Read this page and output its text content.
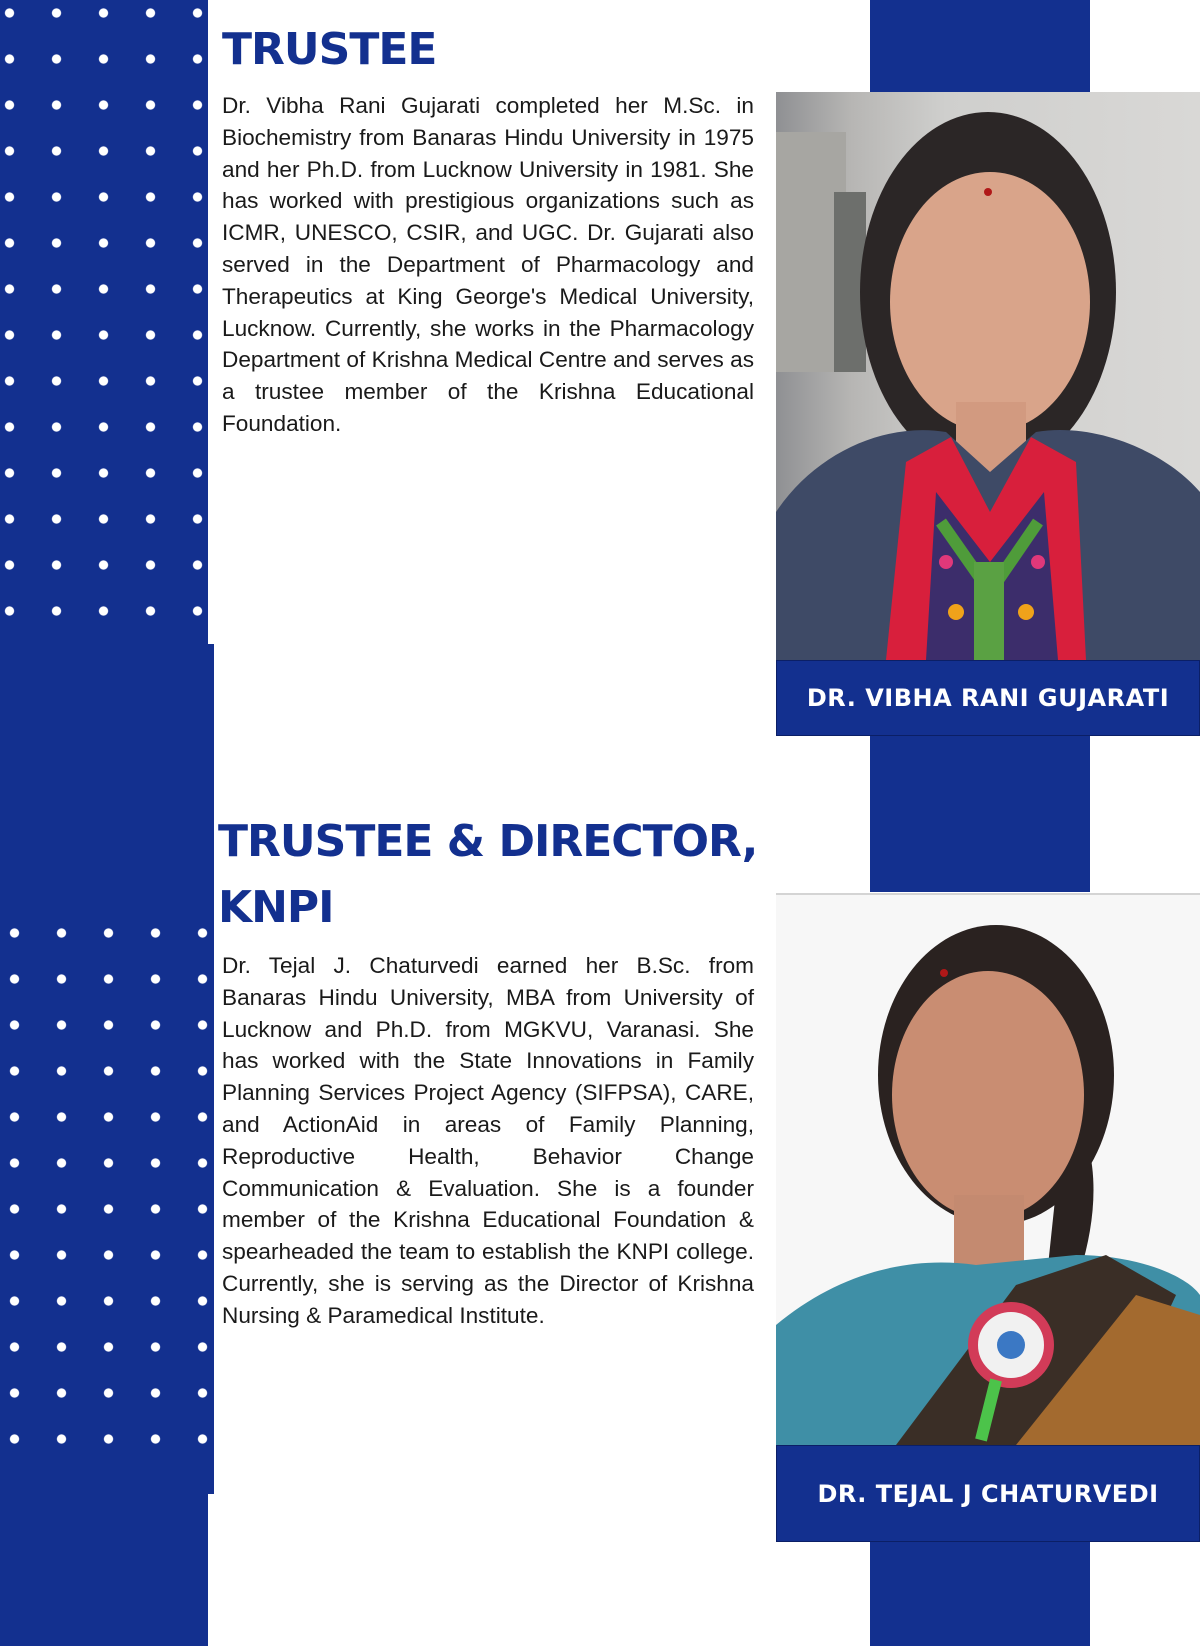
TRUSTEE

Dr. Vibha Rani Gujarati completed her M.Sc. in Biochemistry from Banaras Hindu University in 1975 and her Ph.D. from Lucknow University in 1981. She has worked with prestigious organizations such as ICMR, UNESCO, CSIR, and UGC. Dr. Gujarati also served in the Department of Pharmacology and Therapeutics at King George's Medical University, Lucknow. Currently, she works in the Pharmacology Department of Krishna Medical Centre and serves as a trustee member of the Krishna Educational Foundation.

DR. VIBHA RANI GUJARATI
TRUSTEE & DIRECTOR,
KNPI

Dr. Tejal J. Chaturvedi earned her B.Sc. from Banaras Hindu University, MBA from University of Lucknow and Ph.D. from MGKVU, Varanasi. She has worked with the State Innovations in Family Planning Services Project Agency (SIFPSA), CARE, and ActionAid in areas of Family Planning, Reproductive Health, Behavior Change Communication & Evaluation. She is a founder member of the Krishna Educational Foundation & spearheaded the team to establish the KNPI college. Currently, she is serving as the Director of Krishna Nursing & Paramedical Institute.

DR. TEJAL J CHATURVEDI
